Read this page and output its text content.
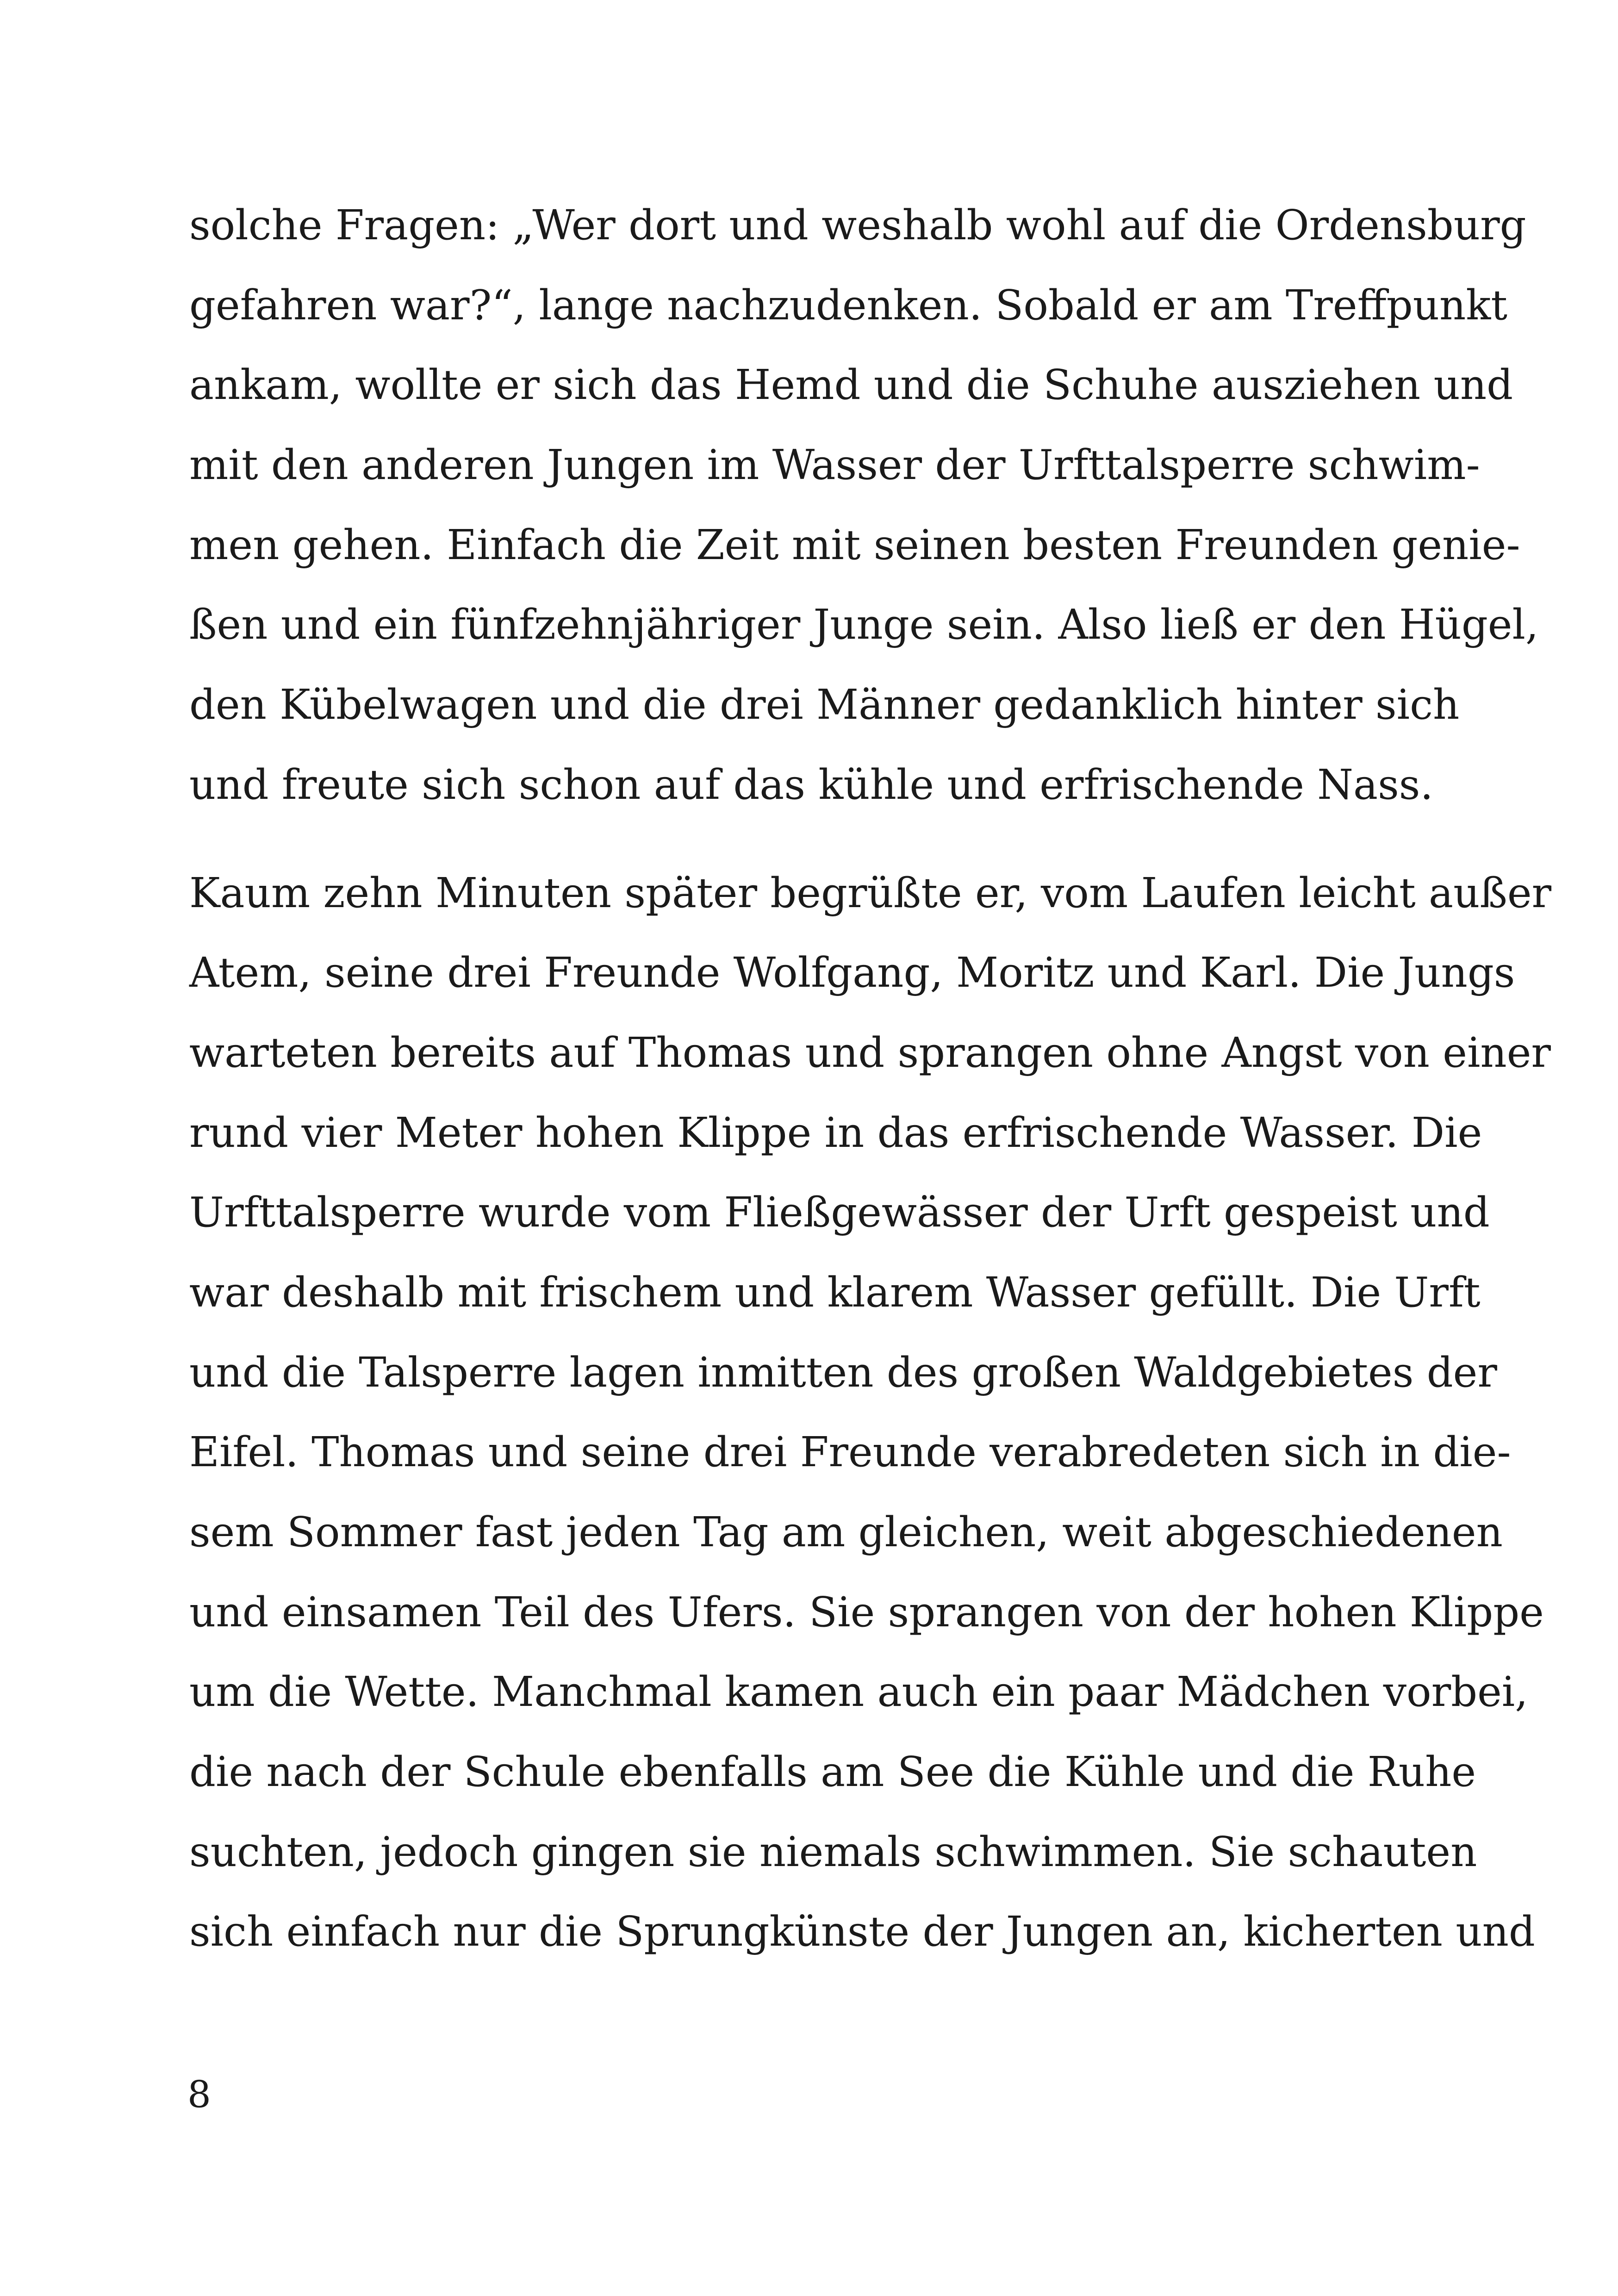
solche Fragen: „Wer dort und weshalb wohl auf die Ordensburg
gefahren war?“, lange nachzudenken. Sobald er am Treffpunkt
ankam, wollte er sich das Hemd und die Schuhe ausziehen und
mit den anderen Jungen im Wasser der Urfttalsperre schwim-
men gehen. Einfach die Zeit mit seinen besten Freunden genie-
ßen und ein fünfzehnjähriger Junge sein. Also ließ er den Hügel,
den Kübelwagen und die drei Männer gedanklich hinter sich
und freute sich schon auf das kühle und erfrischende Nass.
Kaum zehn Minuten später begrüßte er, vom Laufen leicht außer
Atem, seine drei Freunde Wolfgang, Moritz und Karl. Die Jungs
warteten bereits auf Thomas und sprangen ohne Angst von einer
rund vier Meter hohen Klippe in das erfrischende Wasser. Die
Urfttalsperre wurde vom Fließgewässer der Urft gespeist und
war deshalb mit frischem und klarem Wasser gefüllt. Die Urft
und die Talsperre lagen inmitten des großen Waldgebietes der
Eifel. Thomas und seine drei Freunde verabredeten sich in die-
sem Sommer fast jeden Tag am gleichen, weit abgeschiedenen
und einsamen Teil des Ufers. Sie sprangen von der hohen Klippe
um die Wette. Manchmal kamen auch ein paar Mädchen vorbei,
die nach der Schule ebenfalls am See die Kühle und die Ruhe
suchten, jedoch gingen sie niemals schwimmen. Sie schauten
sich einfach nur die Sprungkünste der Jungen an, kicherten und
8
